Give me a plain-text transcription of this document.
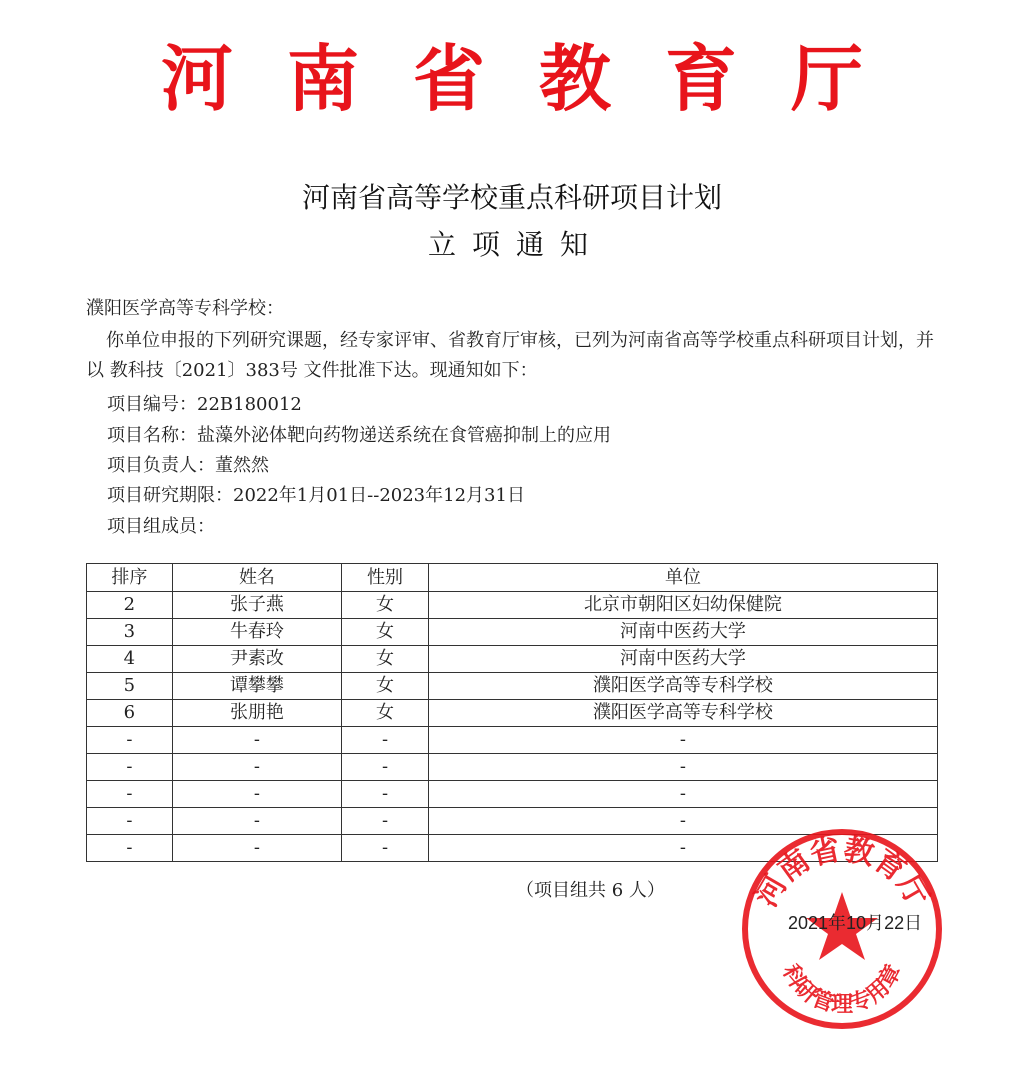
河 南 省 教 育 厅
河南省高等学校重点科研项目计划
立项通知
濮阳医学高等专科学校：
你单位申报的下列研究课题，经专家评审、省教育厅审核，已列为河南省高等学校重点科研项目计划，并以 教科技〔2021〕383号 文件批准下达。现通知如下：
项目编号：22B180012
项目名称：盐藻外泌体靶向药物递送系统在食管癌抑制上的应用
项目负责人：董然然
项目研究期限：2022年1月01日--2023年12月31日
项目组成员：
排序	姓名	性别	单位
2	张子燕	女	北京市朝阳区妇幼保健院
3	牛春玲	女	河南中医药大学
4	尹素改	女	河南中医药大学
5	谭攀攀	女	濮阳医学高等专科学校
6	张朋艳	女	濮阳医学高等专科学校
-	-	-	-
-	-	-	-
-	-	-	-
-	-	-	-
-	-	-	-
（项目组共 6 人）	河南省教育厅
科研管理专用章
2021年10月22日
